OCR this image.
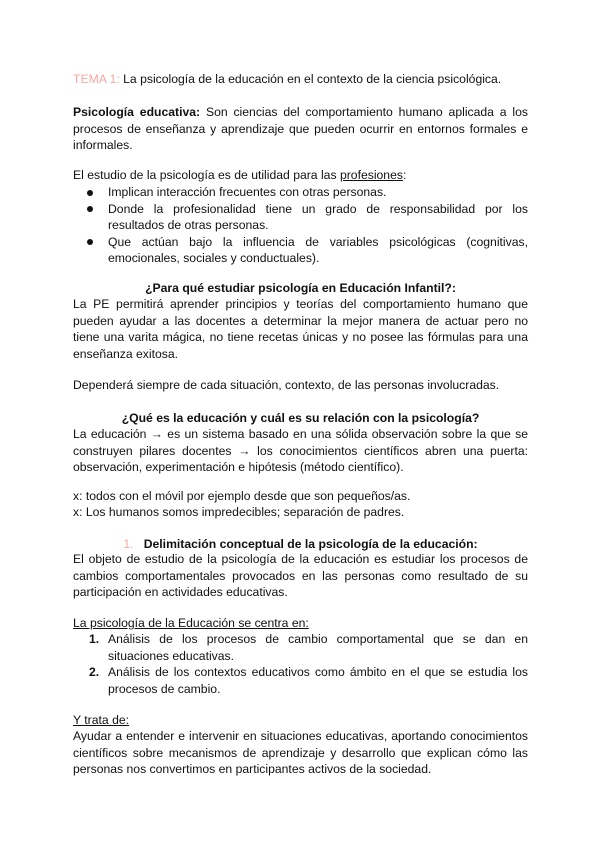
TEMA 1: La psicología de la educación en el contexto de la ciencia psicológica.

Psicología educativa: Son ciencias del comportamiento humano aplicada a los procesos de enseñanza y aprendizaje que pueden ocurrir en entornos formales e informales.

El estudio de la psicología es de utilidad para las profesiones:

Implican interacción frecuentes con otras personas.
Donde la profesionalidad tiene un grado de responsabilidad por los resultados de otras personas.
Que actúan bajo la influencia de variables psicológicas (cognitivas, emocionales, sociales y conductuales).

¿Para qué estudiar psicología en Educación Infantil?:

La PE permitirá aprender principios y teorías del comportamiento humano que pueden ayudar a las docentes a determinar la mejor manera de actuar pero no tiene una varita mágica, no tiene recetas únicas y no posee las fórmulas para una enseñanza exitosa.

Dependerá siempre de cada situación, contexto, de las personas involucradas.

¿Qué es la educación y cuál es su relación con la psicología?

La educación → es un sistema basado en una sólida observación sobre la que se construyen pilares docentes → los conocimientos científicos abren una puerta: observación, experimentación e hipótesis (método científico).

x: todos con el móvil por ejemplo desde que son pequeños/as.

x: Los humanos somos impredecibles; separación de padres.

1. Delimitación conceptual de la psicología de la educación:

El objeto de estudio de la psicología de la educación es estudiar los procesos de cambios comportamentales provocados en las personas como resultado de su participación en actividades educativas.

La psicología de la Educación se centra en:

1. Análisis de los procesos de cambio comportamental que se dan en situaciones educativas.
2. Análisis de los contextos educativos como ámbito en el que se estudia los procesos de cambio.

Y trata de:

Ayudar a entender e intervenir en situaciones educativas, aportando conocimientos científicos sobre mecanismos de aprendizaje y desarrollo que explican cómo las personas nos convertimos en participantes activos de la sociedad.
